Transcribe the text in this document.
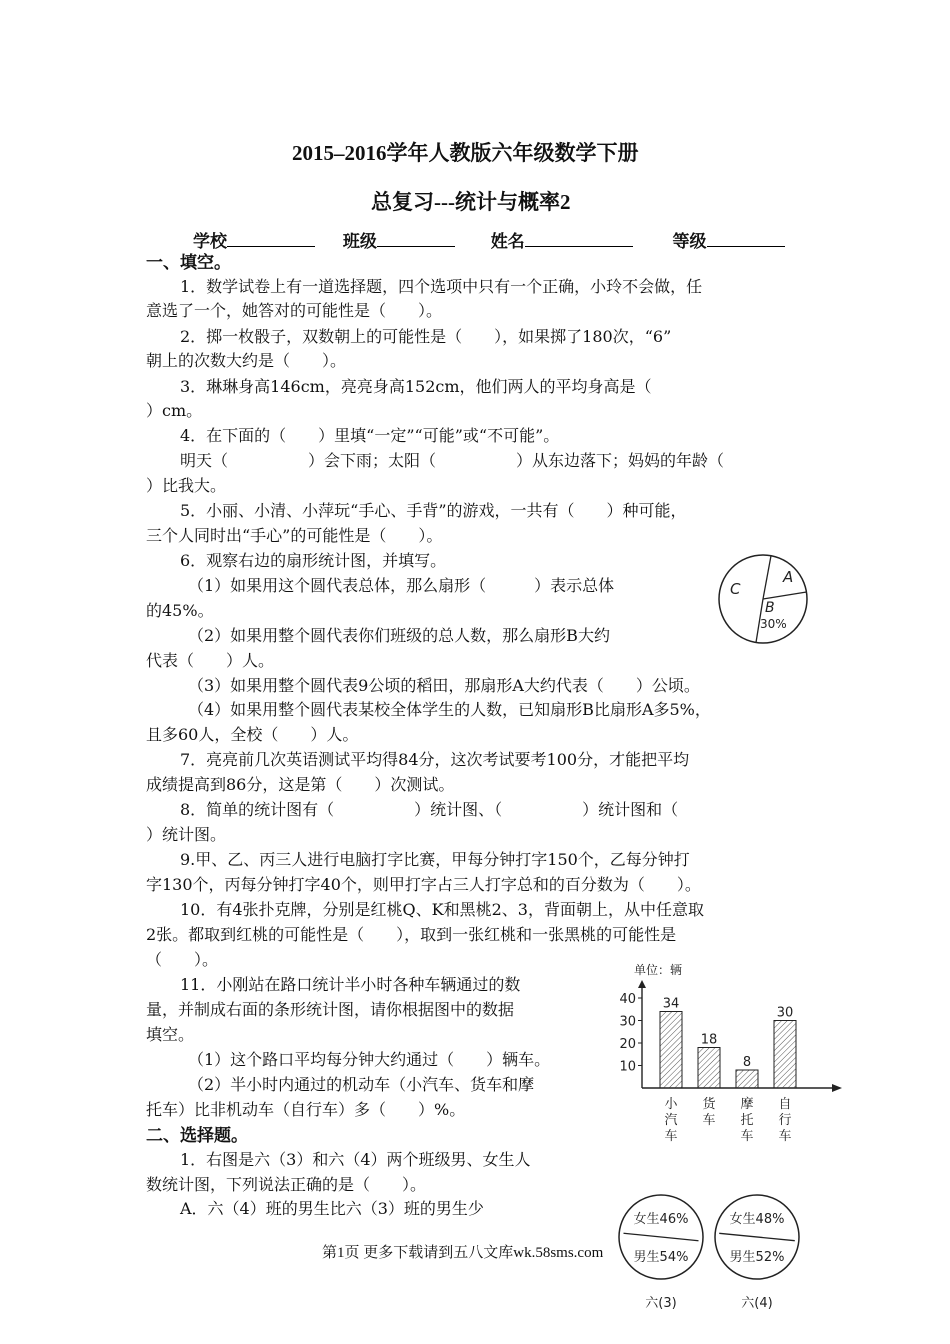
2015–2016学年人教版六年级数学下册
总复习---统计与概率2
学校	班级	姓名	等级
一、填空。
1．数学试卷上有一道选择题，四个选项中只有一个正确，小玲不会做，任
意选了一个，她答对的可能性是（　　）。
2．掷一枚骰子，双数朝上的可能性是（　　），如果掷了180次，“6”
朝上的次数大约是（　　）。
3．琳琳身高146cm，亮亮身高152cm，他们两人的平均身高是（
）cm。
4．在下面的（　　）里填“一定”“可能”或“不可能”。
明天（　　　　　）会下雨；太阳（　　　　　）从东边落下；妈妈的年龄（
）比我大。
5．小丽、小清、小萍玩“手心、手背”的游戏，一共有（　　）种可能，
三个人同时出“手心”的可能性是（　　）。
6．观察右边的扇形统计图，并填写。
（1）如果用这个圆代表总体，那么扇形（　　　）表示总体
的45%。
（2）如果用整个圆代表你们班级的总人数，那么扇形B大约
代表（　　）人。
（3）如果用整个圆代表9公顷的稻田，那扇形A大约代表（　　）公顷。
（4）如果用整个圆代表某校全体学生的人数，已知扇形B比扇形A多5%，
且多60人，全校（　　）人。
7．亮亮前几次英语测试平均得84分，这次考试要考100分，才能把平均
成绩提高到86分，这是第（　　）次测试。
8．简单的统计图有（　　　　　）统计图、（　　　　　）统计图和（
）统计图。
9.甲、乙、丙三人进行电脑打字比赛，甲每分钟打字150个，乙每分钟打
字130个，丙每分钟打字40个，则甲打字占三人打字总和的百分数为（　　）。
10．有4张扑克牌，分别是红桃Q、K和黑桃2、3，背面朝上，从中任意取
2张。都取到红桃的可能性是（　　），取到一张红桃和一张黑桃的可能性是
（　　）。
11．小刚站在路口统计半小时各种车辆通过的数
量，并制成右面的条形统计图，请你根据图中的数据
填空。
（1）这个路口平均每分钟大约通过（　　）辆车。
（2）半小时内通过的机动车（小汽车、货车和摩
托车）比非机动车（自行车）多（　　）%。
二、选择题。
1．右图是六（3）和六（4）两个班级男、女生人
数统计图，下列说法正确的是（　　）。
A．六（4）班的男生比六（3）班的男生少
C
A
B
30%
单位：辆
10
20
30
40 34
小
汽
车
18
货
车
8
摩
托
车
30
自
行
车
女生46%
男生54%
六(3)
女生48%
男生52%
六(4)
第1页 更多下载请到五八文库wk.58sms.com
